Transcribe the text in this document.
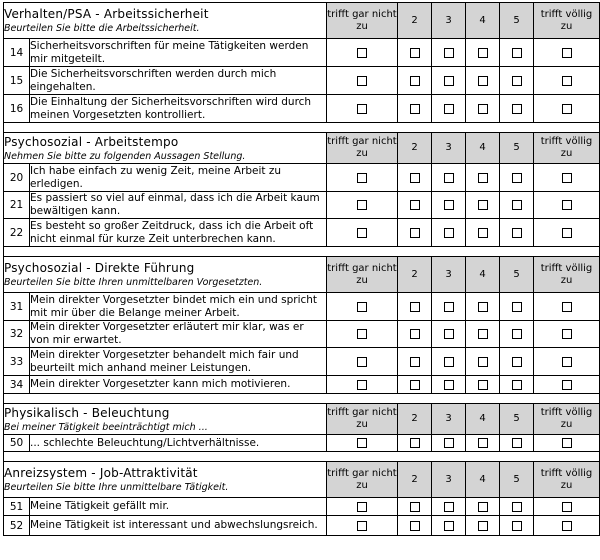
Verhalten/PSA - Arbeitssicherheit
Beurteilen Sie bitte die Arbeitssicherheit.		trifft gar nicht zu	2	3	4	5	trifft völlig zu
14	Sicherheitsvorschriften für meine Tätigkeiten werden mir mitgeteilt.						
15	Die Sicherheitsvorschriften werden durch mich eingehalten.						
16	Die Einhaltung der Sicherheitsvorschriften wird durch meinen Vorgesetzten kontrolliert.						

Psychosozial - Arbeitstempo
Nehmen Sie bitte zu folgenden Aussagen Stellung.		trifft gar nicht zu	2	3	4	5	trifft völlig zu
20	Ich habe einfach zu wenig Zeit, meine Arbeit zu erledigen.						
21	Es passiert so viel auf einmal, dass ich die Arbeit kaum bewältigen kann.						
22	Es besteht so großer Zeitdruck, dass ich die Arbeit oft nicht einmal für kurze Zeit unterbrechen kann.						

Psychosozial - Direkte Führung
Beurteilen Sie bitte Ihren unmittelbaren Vorgesetzten.		trifft gar nicht zu	2	3	4	5	trifft völlig zu
31	Mein direkter Vorgesetzter bindet mich ein und spricht mit mir über die Belange meiner Arbeit.						
32	Mein direkter Vorgesetzter erläutert mir klar, was er von mir erwartet.						
33	Mein direkter Vorgesetzter behandelt mich fair und beurteilt mich anhand meiner Leistungen.						
34	Mein direkter Vorgesetzter kann mich motivieren.						

Physikalisch - Beleuchtung
Bei meiner Tätigkeit beeinträchtigt mich ...		trifft gar nicht zu	2	3	4	5	trifft völlig zu
50	... schlechte Beleuchtung/Lichtverhältnisse.						

Anreizsystem - Job-Attraktivität
Beurteilen Sie bitte Ihre unmittelbare Tätigkeit.		trifft gar nicht zu	2	3	4	5	trifft völlig zu
51	Meine Tätigkeit gefällt mir.						
52	Meine Tätigkeit ist interessant und abwechslungsreich.						
